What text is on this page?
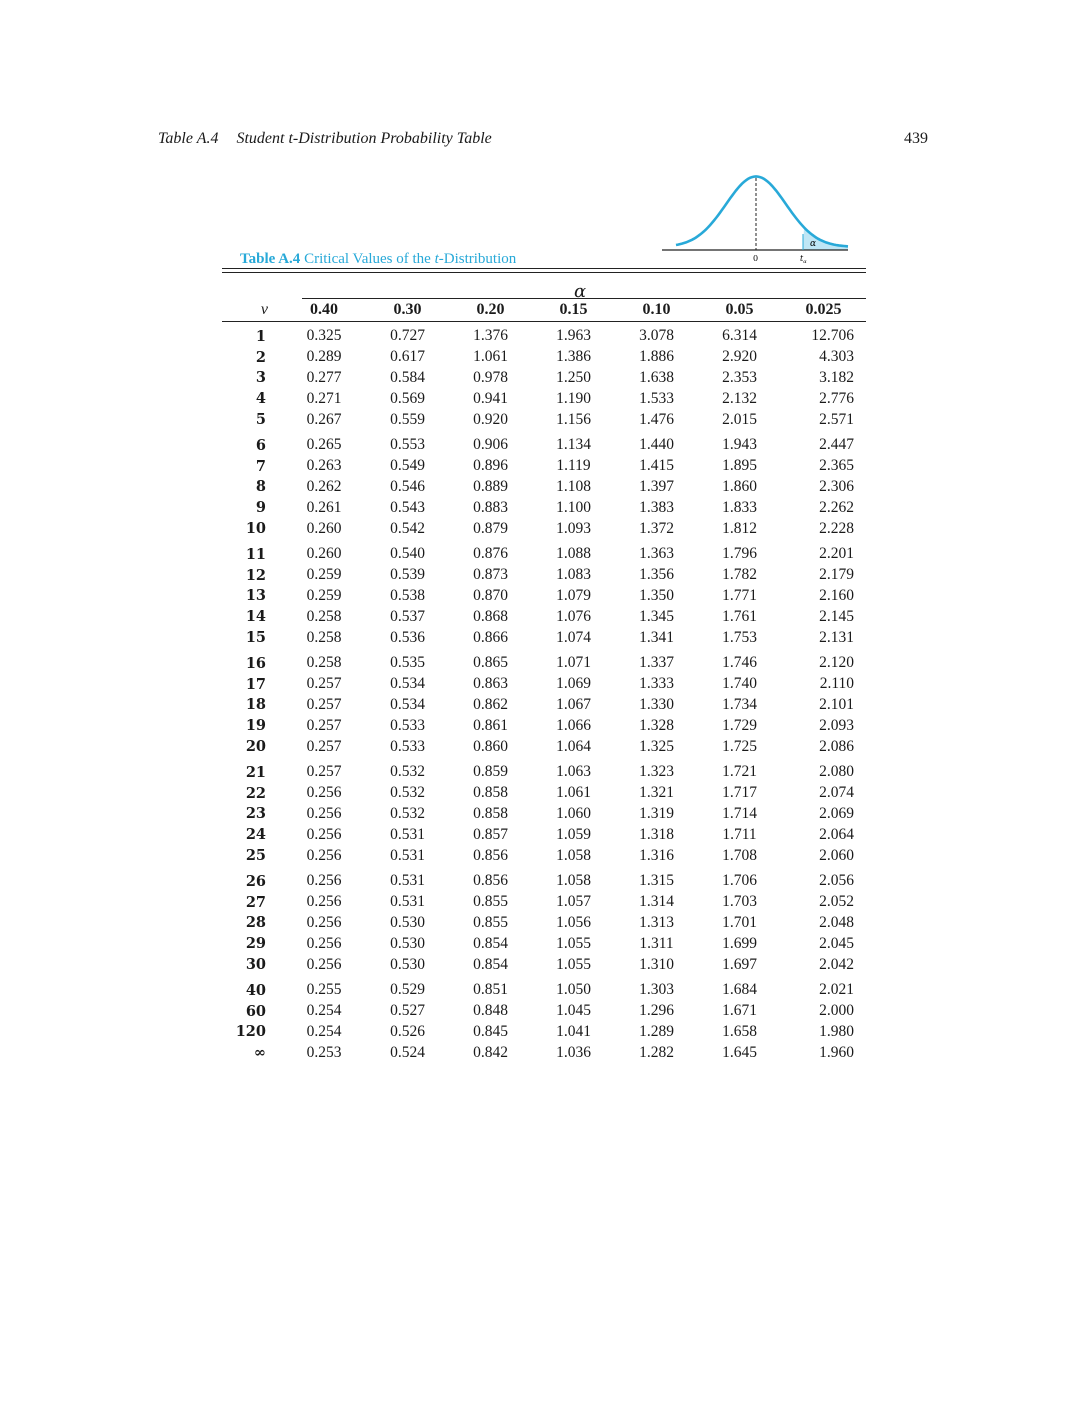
Table A.4 Student t-Distribution Probability Table	439
α
0	$t_\alpha$
Table A.4 Critical Values of the t-Distribution
α
v	0.40	0.30	0.20	0.15	0.10	0.05	0.025
1	0.325	0.727	1.376	1.963	3.078	6.314	12.706
2	0.289	0.617	1.061	1.386	1.886	2.920	4.303
3	0.277	0.584	0.978	1.250	1.638	2.353	3.182
4	0.271	0.569	0.941	1.190	1.533	2.132	2.776
5	0.267	0.559	0.920	1.156	1.476	2.015	2.571
6	0.265	0.553	0.906	1.134	1.440	1.943	2.447
7	0.263	0.549	0.896	1.119	1.415	1.895	2.365
8	0.262	0.546	0.889	1.108	1.397	1.860	2.306
9	0.261	0.543	0.883	1.100	1.383	1.833	2.262
10	0.260	0.542	0.879	1.093	1.372	1.812	2.228
11	0.260	0.540	0.876	1.088	1.363	1.796	2.201
12	0.259	0.539	0.873	1.083	1.356	1.782	2.179
13	0.259	0.538	0.870	1.079	1.350	1.771	2.160
14	0.258	0.537	0.868	1.076	1.345	1.761	2.145
15	0.258	0.536	0.866	1.074	1.341	1.753	2.131
16	0.258	0.535	0.865	1.071	1.337	1.746	2.120
17	0.257	0.534	0.863	1.069	1.333	1.740	2.110
18	0.257	0.534	0.862	1.067	1.330	1.734	2.101
19	0.257	0.533	0.861	1.066	1.328	1.729	2.093
20	0.257	0.533	0.860	1.064	1.325	1.725	2.086
21	0.257	0.532	0.859	1.063	1.323	1.721	2.080
22	0.256	0.532	0.858	1.061	1.321	1.717	2.074
23	0.256	0.532	0.858	1.060	1.319	1.714	2.069
24	0.256	0.531	0.857	1.059	1.318	1.711	2.064
25	0.256	0.531	0.856	1.058	1.316	1.708	2.060
26	0.256	0.531	0.856	1.058	1.315	1.706	2.056
27	0.256	0.531	0.855	1.057	1.314	1.703	2.052
28	0.256	0.530	0.855	1.056	1.313	1.701	2.048
29	0.256	0.530	0.854	1.055	1.311	1.699	2.045
30	0.256	0.530	0.854	1.055	1.310	1.697	2.042
40	0.255	0.529	0.851	1.050	1.303	1.684	2.021
60	0.254	0.527	0.848	1.045	1.296	1.671	2.000
120	0.254	0.526	0.845	1.041	1.289	1.658	1.980
∞	0.253	0.524	0.842	1.036	1.282	1.645	1.960
